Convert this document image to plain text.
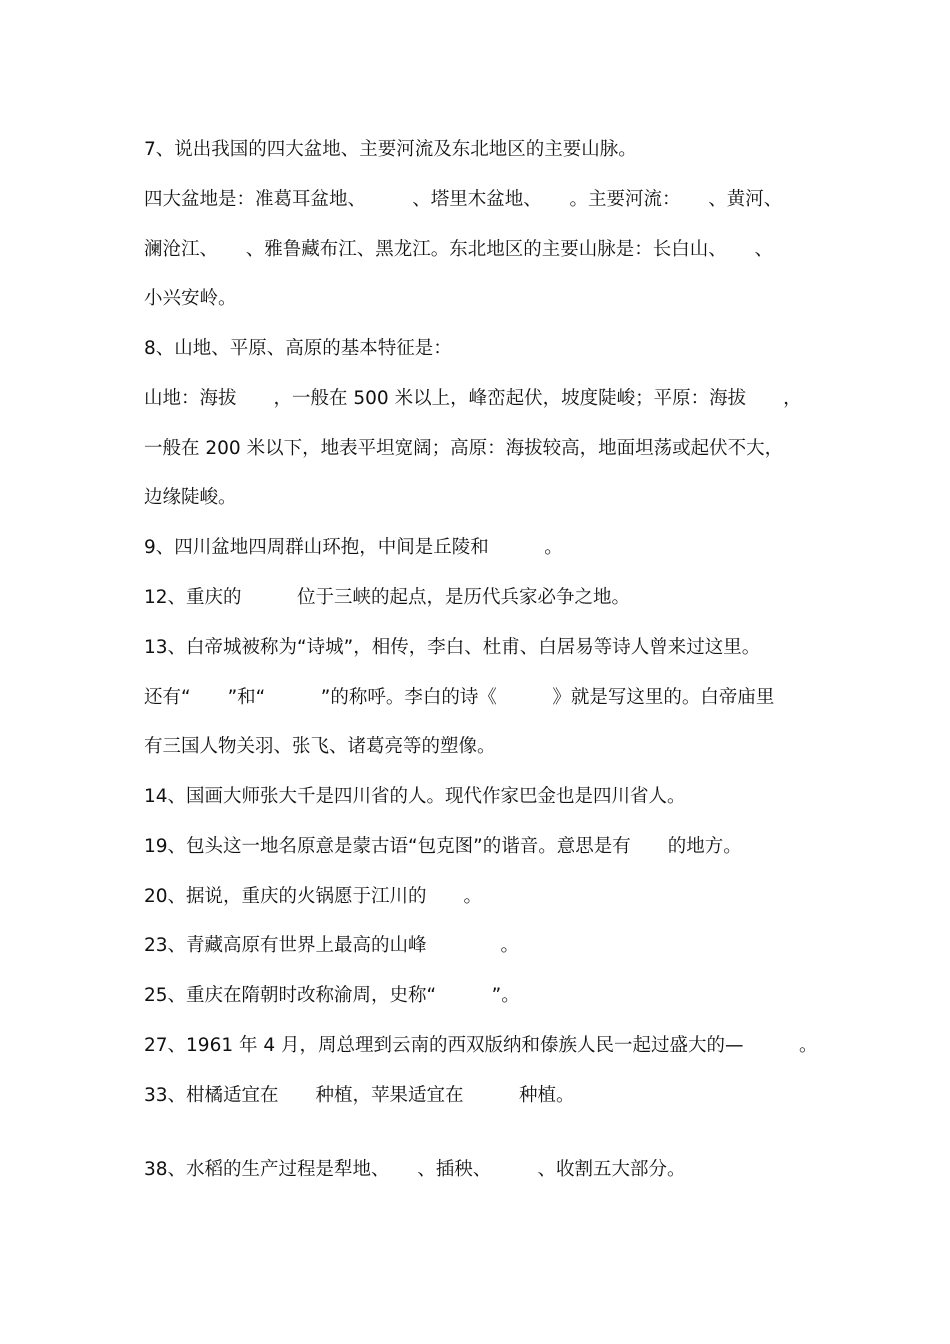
7、说出我国的四大盆地、主要河流及东北地区的主要山脉。
四大盆地是：准葛耳盆地、　　　、塔里木盆地、　　。主要河流：　　、黄河、
澜沧江、　　、雅鲁藏布江、黑龙江。东北地区的主要山脉是：长白山、　　、
小兴安岭。
8、山地、平原、高原的基本特征是：
山地：海拔　　，一般在 500 米以上，峰峦起伏，坡度陡峻；平原：海拔　　，
一般在 200 米以下，地表平坦宽阔；高原：海拔较高，地面坦荡或起伏不大，
边缘陡峻。
9、四川盆地四周群山环抱，中间是丘陵和　　　。
12、重庆的　　　位于三峡的起点，是历代兵家必争之地。
13、白帝城被称为“诗城”，相传，李白、杜甫、白居易等诗人曾来过这里。
还有“　　”和“　　　”的称呼。李白的诗《　　　》就是写这里的。白帝庙里
有三国人物关羽、张飞、诸葛亮等的塑像。
14、国画大师张大千是四川省的人。现代作家巴金也是四川省人。
19、包头这一地名原意是蒙古语“包克图”的谐音。意思是有　　的地方。
20、据说，重庆的火锅愿于江川的　　。
23、青藏高原有世界上最高的山峰　　　　。
25、重庆在隋朝时改称渝周，史称“　　　”。
27、1961 年 4 月，周总理到云南的西双版纳和傣族人民一起过盛大的—　　　。
33、柑橘适宜在　　种植，苹果适宜在　　　种植。
38、水稻的生产过程是犁地、　　、插秧、　　　、收割五大部分。
